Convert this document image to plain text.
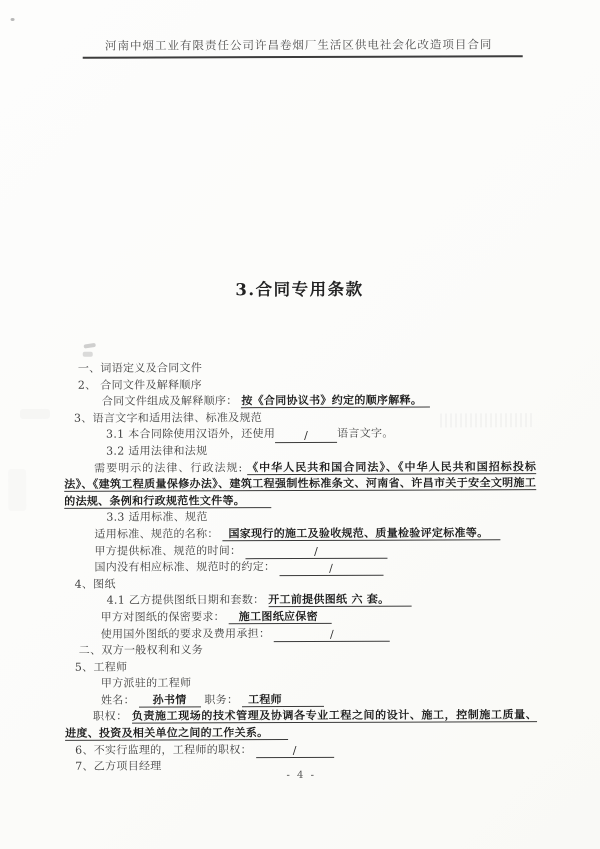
河南中烟工业有限责任公司许昌卷烟厂生活区供电社会化改造项目合同
3.合同专用条款
一、词语定义及合同文件
2、 合同文件及解释顺序
合同文件组成及解释顺序： 按《合同协议书》约定的顺序解释。
3、语言文字和适用法律、标准及规范
3.1 本合同除使用汉语外，还使用	/	语言文字。
3.2 适用法律和法规
需要明示的法律、行政法规: 《中华人民共和国合同法》、《中华人民共和国招标投标法》、《建筑工程质量保修办法》、建筑工程强制性标准条文、河南省、许昌市关于安全文明施工的法规、条例和行政规范性文件等。
3.3 适用标准、规范
适用标准、规范的名称： 国家现行的施工及验收规范、质量检验评定标准等。
甲方提供标准、规范的时间：	/
国内没有相应标准、规范时的约定：	/
4、图纸
4.1 乙方提供图纸日期和套数： 开工前提供图纸 六 套。
甲方对图纸的保密要求： 施工图纸应保密
使用国外图纸的要求及费用承担：	/
二、双方一般权利和义务
5、工程师
甲方派驻的工程师
姓名： 孙书情 职务： 工程师
职权： 负责施工现场的技术管理及协调各专业工程之间的设计、施工，控制施工质量、进度、投资及相关单位之间的工作关系。
6、不实行监理的，工程师的职权：	/
7、乙方项目经理
- 4 -
